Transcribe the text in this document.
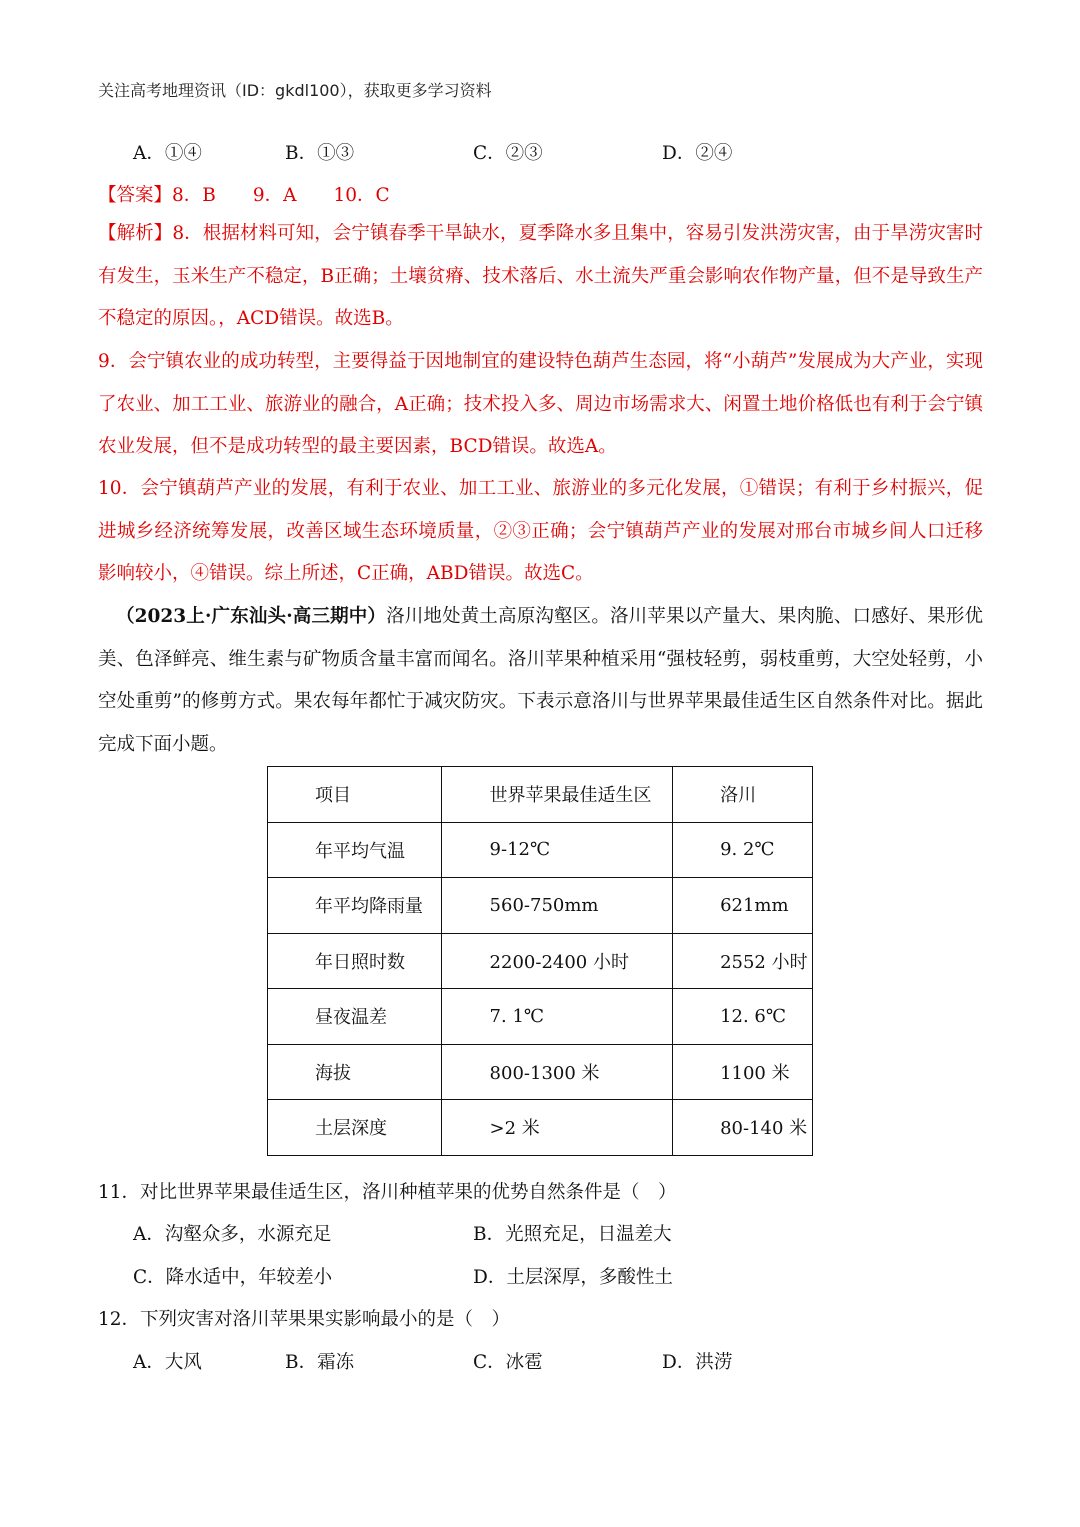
关注高考地理资讯（ID：gkdl100），获取更多学习资料
A．①④	B．①③	C．②③	D．②④
【答案】8．B　　9．A　　10．C
【解析】8．根据材料可知，会宁镇春季干旱缺水，夏季降水多且集中，容易引发洪涝灾害，由于旱涝灾害时有发生，玉米生产不稳定，B正确；土壤贫瘠、技术落后、水土流失严重会影响农作物产量，但不是导致生产不稳定的原因。，ACD错误。故选B。
9．会宁镇农业的成功转型，主要得益于因地制宜的建设特色葫芦生态园，将“小葫芦”发展成为大产业，实现了农业、加工工业、旅游业的融合，A正确；技术投入多、周边市场需求大、闲置土地价格低也有利于会宁镇农业发展，但不是成功转型的最主要因素，BCD错误。故选A。
10．会宁镇葫芦产业的发展，有利于农业、加工工业、旅游业的多元化发展，①错误；有利于乡村振兴，促进城乡经济统筹发展，改善区域生态环境质量，②③正确；会宁镇葫芦产业的发展对邢台市城乡间人口迁移影响较小，④错误。综上所述，C正确，ABD错误。故选C。
（2023上·广东汕头·高三期中）洛川地处黄土高原沟壑区。洛川苹果以产量大、果肉脆、口感好、果形优美、色泽鲜亮、维生素与矿物质含量丰富而闻名。洛川苹果种植采用“强枝轻剪，弱枝重剪，大空处轻剪，小空处重剪”的修剪方式。果农每年都忙于减灾防灾。下表示意洛川与世界苹果最佳适生区自然条件对比。据此完成下面小题。
项目	世界苹果最佳适生区	洛川
年平均气温	9-12℃	9. 2℃
年平均降雨量	560-750mm	621mm
年日照时数	2200-2400 小时	2552 小时
昼夜温差	7. 1℃	12. 6℃
海拔	800-1300 米	1100 米
土层深度	>2 米	80-140 米
11．对比世界苹果最佳适生区，洛川种植苹果的优势自然条件是（　）
A．沟壑众多，水源充足	B．光照充足，日温差大
C．降水适中，年较差小	D．土层深厚，多酸性土
12．下列灾害对洛川苹果果实影响最小的是（　）
A．大风	B．霜冻	C．冰雹	D．洪涝
